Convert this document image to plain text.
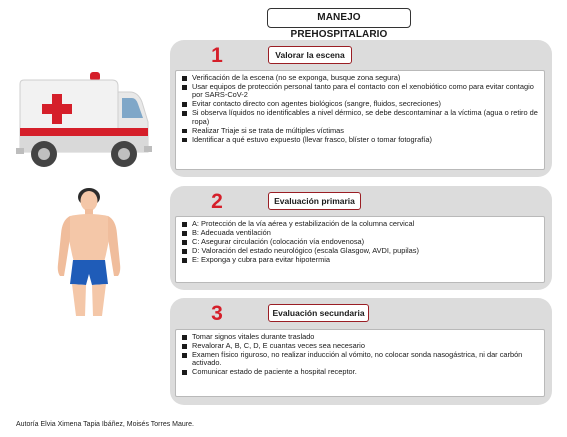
MANEJO PREHOSPITALARIO
1	Valorar la escena
Verificación de la escena (no se exponga, busque zona segura)
Usar equipos de protección personal tanto para el contacto con el xenobiótico como para evitar contagio por SARS-CoV-2
Evitar contacto directo con agentes biológicos (sangre, fluidos, secreciones)
Si observa líquidos no identificables a nivel dérmico, se debe descontaminar a la víctima (agua o retiro de ropa)
Realizar Triaje si se trata de múltiples víctimas
Identificar a qué estuvo expuesto (llevar frasco, blíster o tomar fotografía)
2	Evaluación primaria
A: Protección de la vía aérea y estabilización de la columna cervical
B: Adecuada ventilación
C: Asegurar circulación (colocación vía endovenosa)
D: Valoración del estado neurológico (escala Glasgow, AVDI, pupilas)
E: Exponga y cubra para evitar hipotermia
3	Evaluación secundaria
Tomar signos vitales durante traslado
Revalorar A, B, C, D, E cuantas veces sea necesario
Examen físico riguroso, no realizar inducción al vómito, no colocar sonda nasogástrica, ni dar carbón activado.
Comunicar estado de paciente a hospital receptor.
Autoría Elvia Ximena Tapia Ibáñez, Moisés Torres Maure.
